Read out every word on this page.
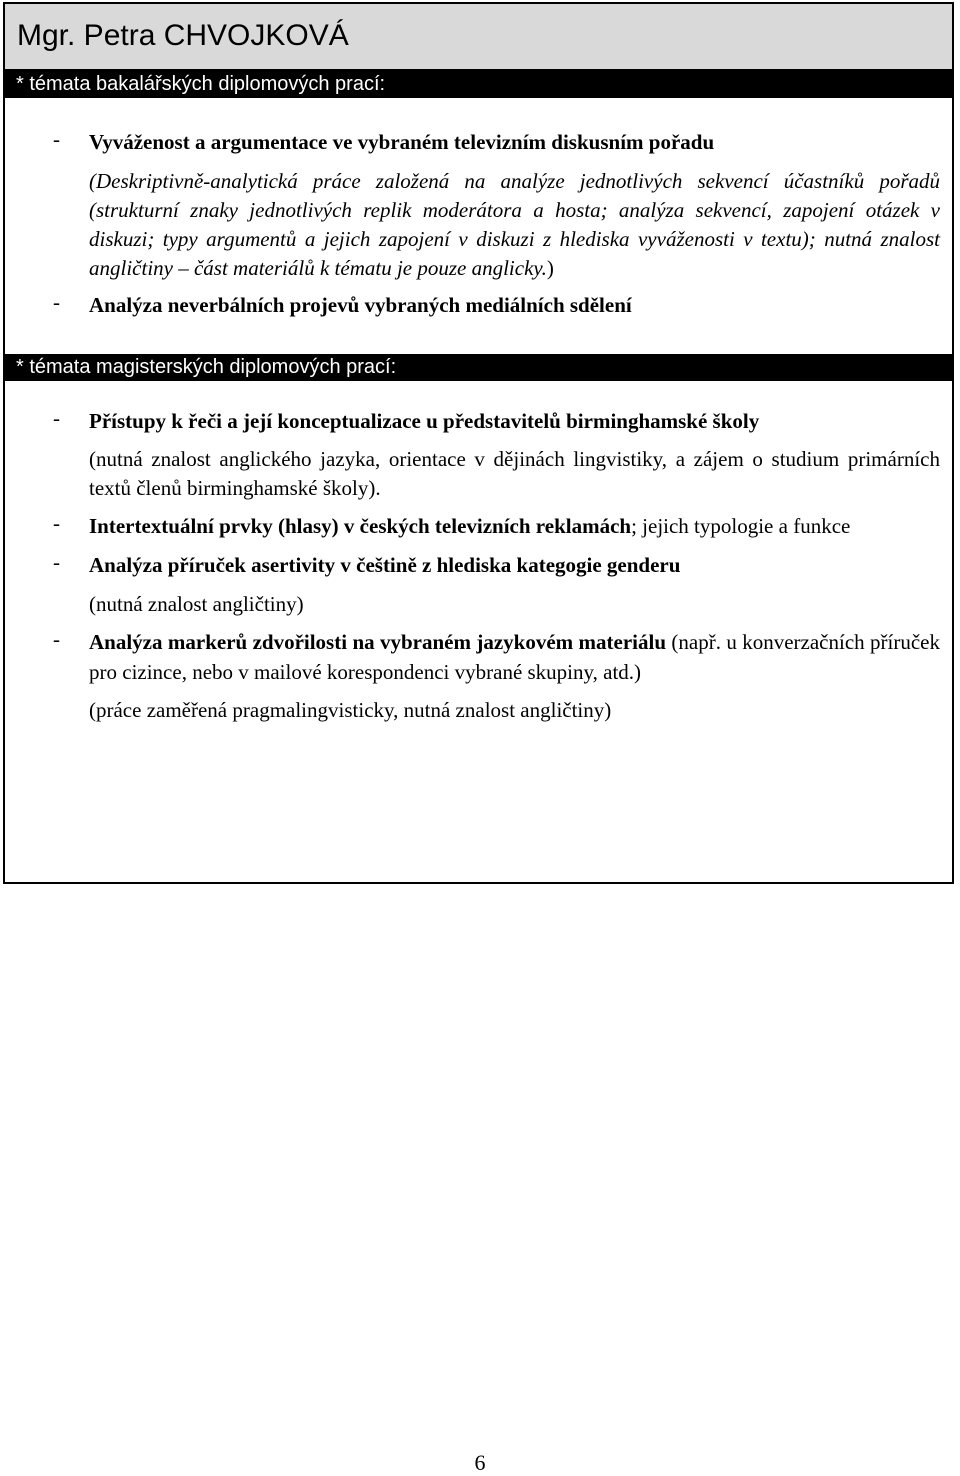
Mgr. Petra CHVOJKOVÁ
* témata bakalářských diplomových prací:
- Vyváženost a argumentace ve vybraném televizním diskusním pořadu
(Deskriptivně-analytická práce založená na analýze jednotlivých sekvencí účastníků pořadů (strukturní znaky jednotlivých replik moderátora a hosta; analýza sekvencí, zapojení otázek v diskuzi; typy argumentů a jejich zapojení v diskuzi z hlediska vyváženosti v textu); nutná znalost angličtiny – část materiálů k tématu je pouze anglicky.)
- Analýza neverbálních projevů vybraných mediálních sdělení
* témata magisterských diplomových prací:
- Přístupy k řeči a její konceptualizace u představitelů birminghamské školy
(nutná znalost anglického jazyka, orientace v dějinách lingvistiky, a zájem o studium primárních textů členů birminghamské školy).
- Intertextuální prvky (hlasy) v českých televizních reklamách; jejich typologie a funkce
- Analýza příruček asertivity v češtině z hlediska kategogie genderu
(nutná znalost angličtiny)
- Analýza markerů zdvořilosti na vybraném jazykovém materiálu (např. u konverzačních příruček pro cizince, nebo v mailové korespondenci vybrané skupiny, atd.)
(práce zaměřená pragmalingvisticky, nutná znalost angličtiny)
6
